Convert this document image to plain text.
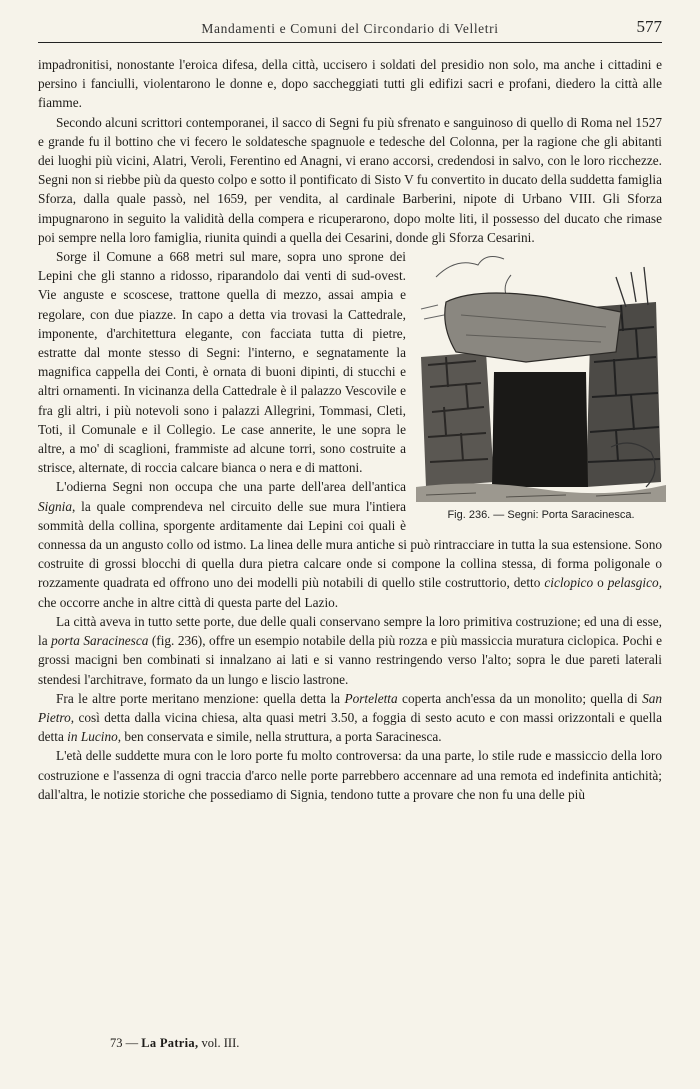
Mandamenti e Comuni del Circondario di Velletri	577

impadronitisi, nonostante l'eroica difesa, della città, uccisero i soldati del presidio non solo, ma anche i cittadini e persino i fanciulli, violentarono le donne e, dopo saccheggiati tutti gli edifizi sacri e profani, diedero la città alle fiamme.

Secondo alcuni scrittori contemporanei, il sacco di Segni fu più sfrenato e sanguinoso di quello di Roma nel 1527 e grande fu il bottino che vi fecero le soldatesche spagnuole e tedesche del Colonna, per la ragione che gli abitanti dei luoghi più vicini, Alatri, Veroli, Ferentino ed Anagni, vi erano accorsi, credendosi in salvo, con le loro ricchezze. Segni non si riebbe più da questo colpo e sotto il pontificato di Sisto V fu convertito in ducato della suddetta famiglia Sforza, dalla quale passò, nel 1659, per vendita, al cardinale Barberini, nipote di Urbano VIII. Gli Sforza impugnarono in seguito la validità della compera e ricuperarono, dopo molte liti, il possesso del ducato che rimase poi sempre nella loro famiglia, riunita quindi a quella dei Cesarini, donde gli Sforza Cesarini.

Fig. 236. — Segni: Porta Saracinesca.

Sorge il Comune a 668 metri sul mare, sopra uno sprone dei Lepini che gli stanno a ridosso, riparandolo dai venti di sud-ovest. Vie anguste e scoscese, trattone quella di mezzo, assai ampia e regolare, con due piazze. In capo a detta via trovasi la Cattedrale, imponente, d'architettura elegante, con facciata tutta di pietre, estratte dal monte stesso di Segni: l'interno, e segnatamente la magnifica cappella dei Conti, è ornata di buoni dipinti, di stucchi e altri ornamenti. In vicinanza della Cattedrale è il palazzo Vescovile e fra gli altri, i più notevoli sono i palazzi Allegrini, Tommasi, Cleti, Toti, il Comunale e il Collegio. Le case annerite, le une sopra le altre, a mo' di scaglioni, frammiste ad alcune torri, sono costruite a strisce, alternate, di roccia calcare bianca o nera e di mattoni.

L'odierna Segni non occupa che una parte dell'area dell'antica Signia, la quale comprendeva nel circuito delle sue mura l'intiera sommità della collina, sporgente arditamente dai Lepini coi quali è connessa da un angusto collo od istmo. La linea delle mura antiche si può rintracciare in tutta la sua estensione. Sono costruite di grossi blocchi di quella dura pietra calcare onde si compone la collina stessa, di forma poligonale o rozzamente quadrata ed offrono uno dei modelli più notabili di quello stile costruttorio, detto ciclopico o pelasgico, che occorre anche in altre città di questa parte del Lazio.

La città aveva in tutto sette porte, due delle quali conservano sempre la loro primitiva costruzione; ed una di esse, la porta Saracinesca (fig. 236), offre un esempio notabile della più rozza e più massiccia muratura ciclopica. Pochi e grossi macigni ben combinati si innalzano ai lati e si vanno restringendo verso l'alto; sopra le due pareti laterali stendesi l'architrave, formato da un lungo e liscio lastrone.

Fra le altre porte meritano menzione: quella detta la Porteletta coperta anch'essa da un monolito; quella di San Pietro, così detta dalla vicina chiesa, alta quasi metri 3.50, a foggia di sesto acuto e con massi orizzontali e quella detta in Lucino, ben conservata e simile, nella struttura, a porta Saracinesca.

L'età delle suddette mura con le loro porte fu molto controversa: da una parte, lo stile rude e massiccio della loro costruzione e l'assenza di ogni traccia d'arco nelle porte parrebbero accennare ad una remota ed indefinita antichità; dall'altra, le notizie storiche che possediamo di Signia, tendono tutte a provare che non fu una delle più

73 — La Patria, vol. III.
